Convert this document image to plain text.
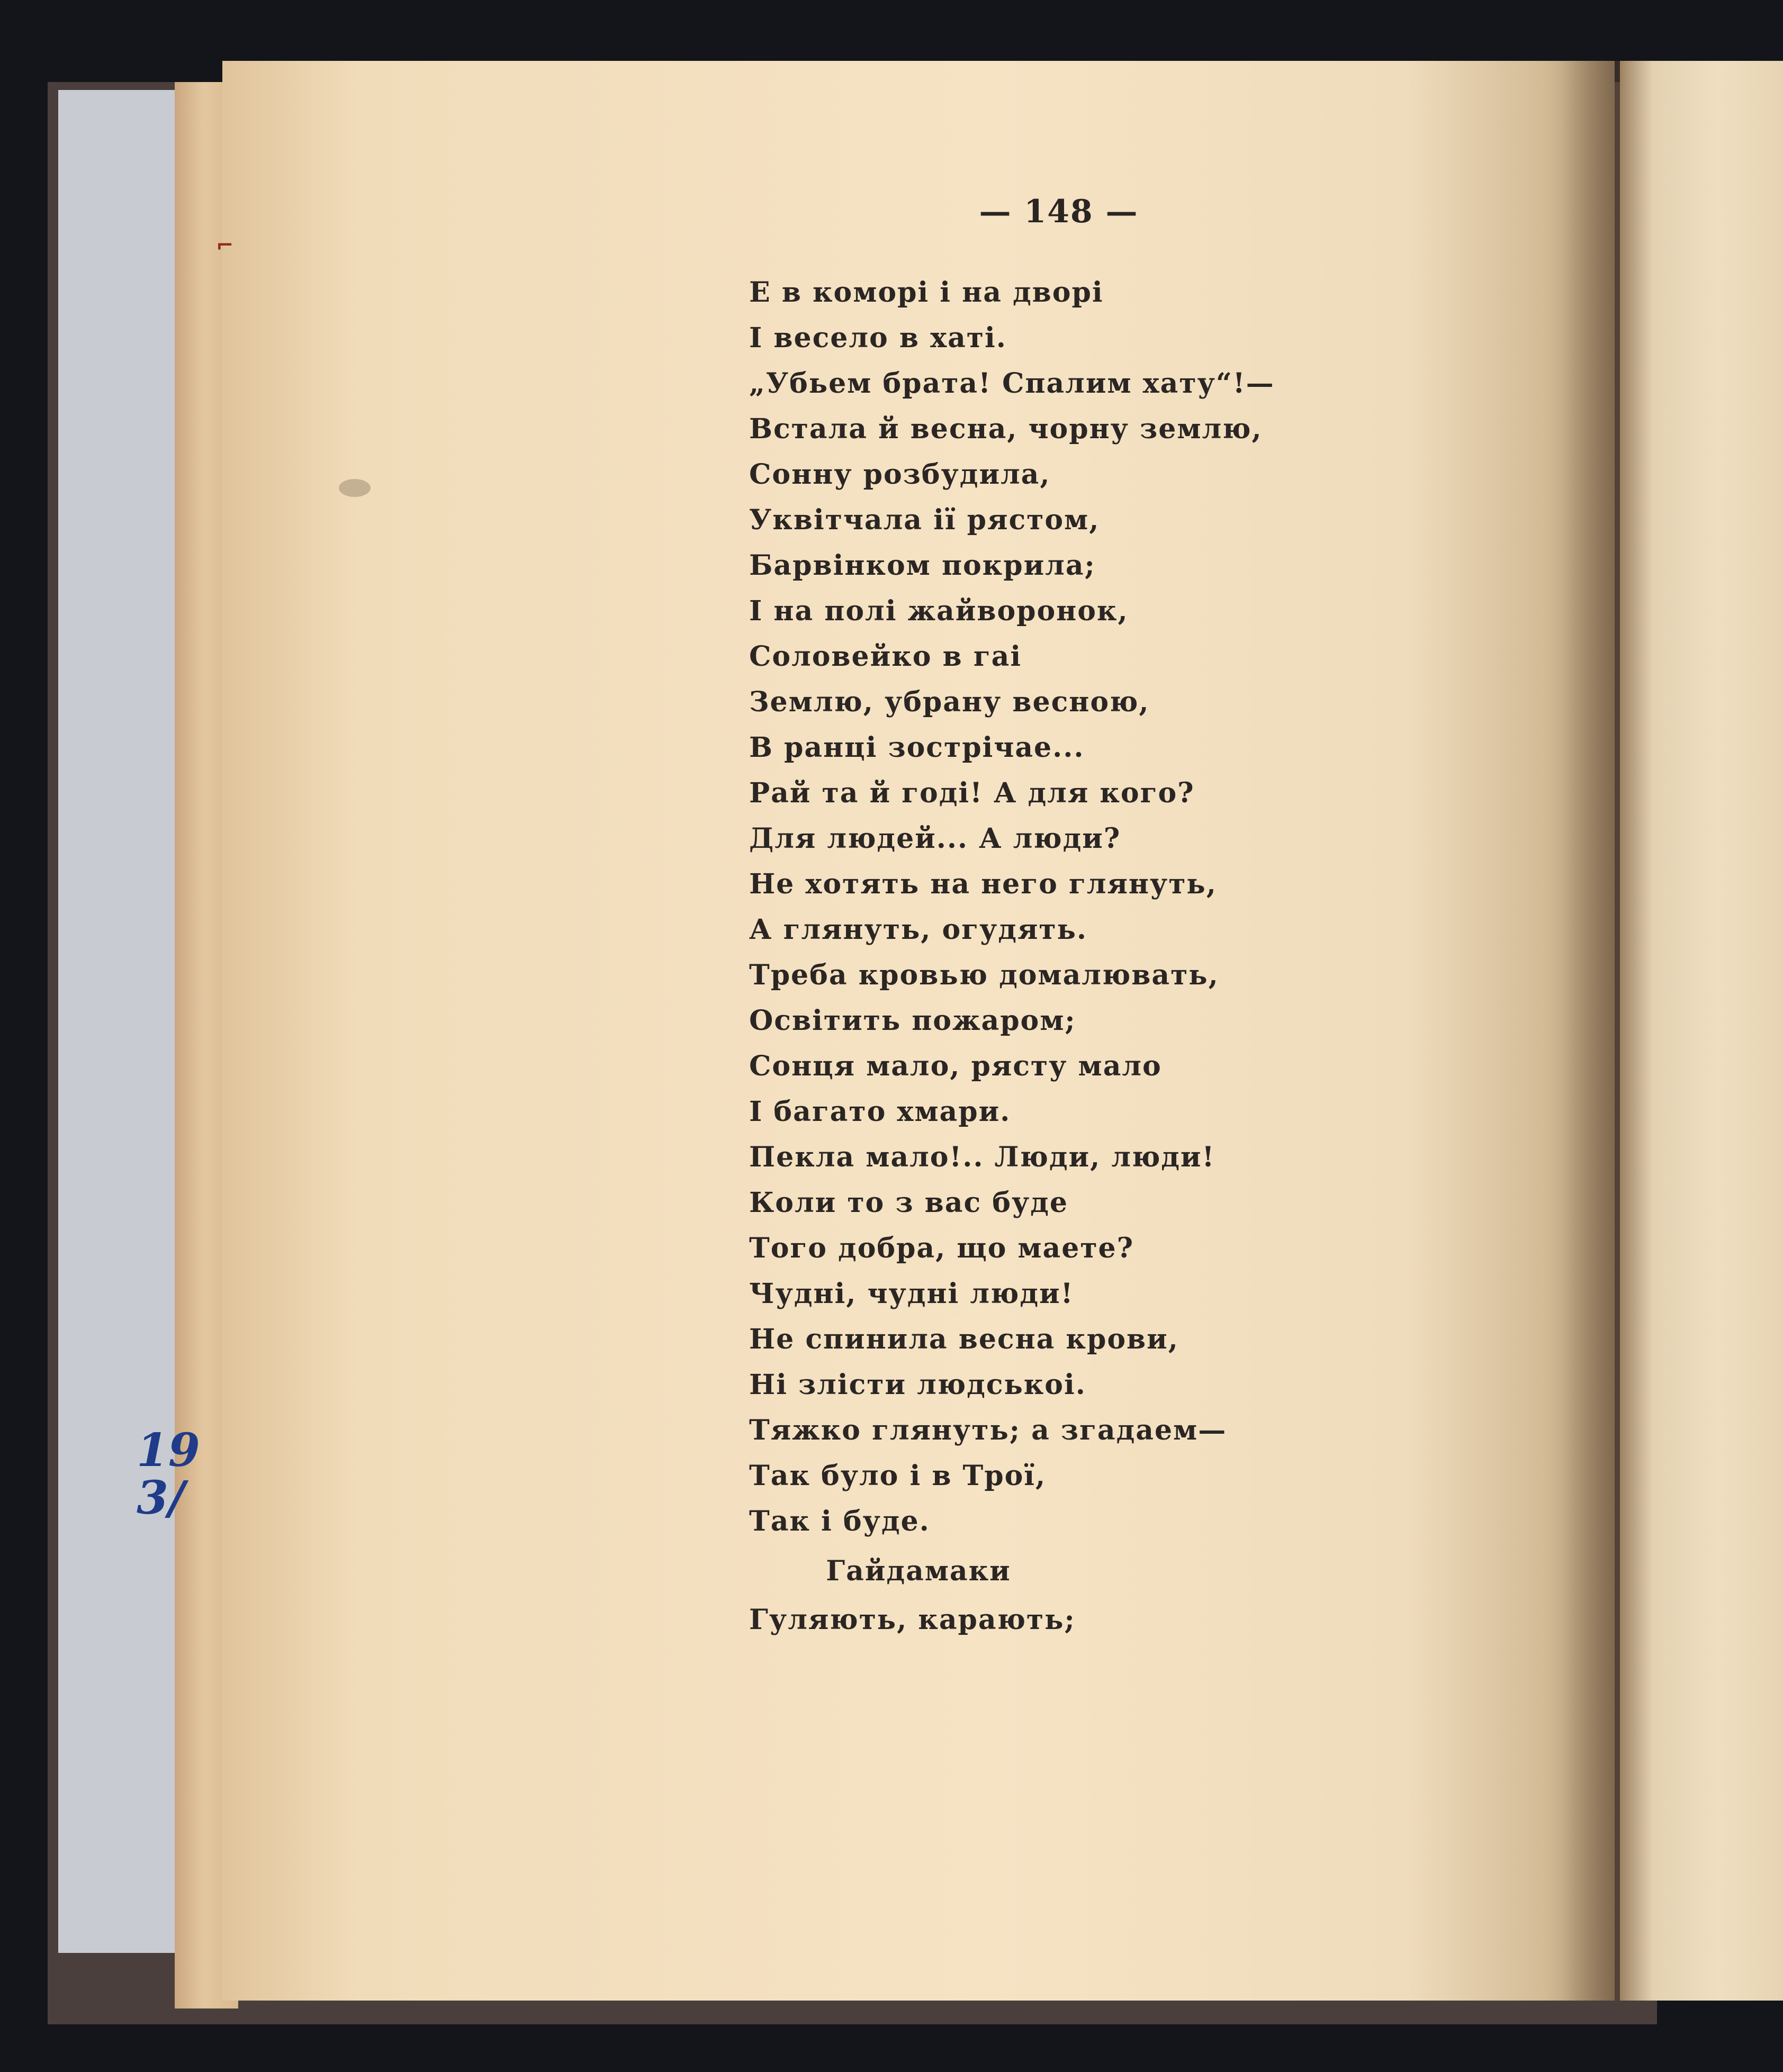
⌐
— 148 —
Е в коморі і на дворі
І весело в хаті.
„Убьем брата! Спалим хату“!—
Встала й весна, чорну землю,
Сонну розбудила,
Уквітчала ії рястом,
Барвінком покрила;
І на полі жайворонок,
Соловейко в гаі
Землю, убрану весною,
В ранці зострічае...
Рай та й годі! А для кого?
Для людей... А люди?
Не хотять на него глянуть,
А глянуть, огудять.
Треба кровью домалювать,
Освітить пожаром;
Сонця мало, рясту мало
І багато хмари.
Пекла мало!.. Люди, люди!
Коли то з вас буде
Того добра, що маете?
Чудні, чудні люди!
Не спинила весна крови,
Ні злісти людськоі.
Тяжко глянуть; а згадаем—
Так було і в Трої,
Так і буде.
Гайдамаки
Гуляють, карають;
19
3/
